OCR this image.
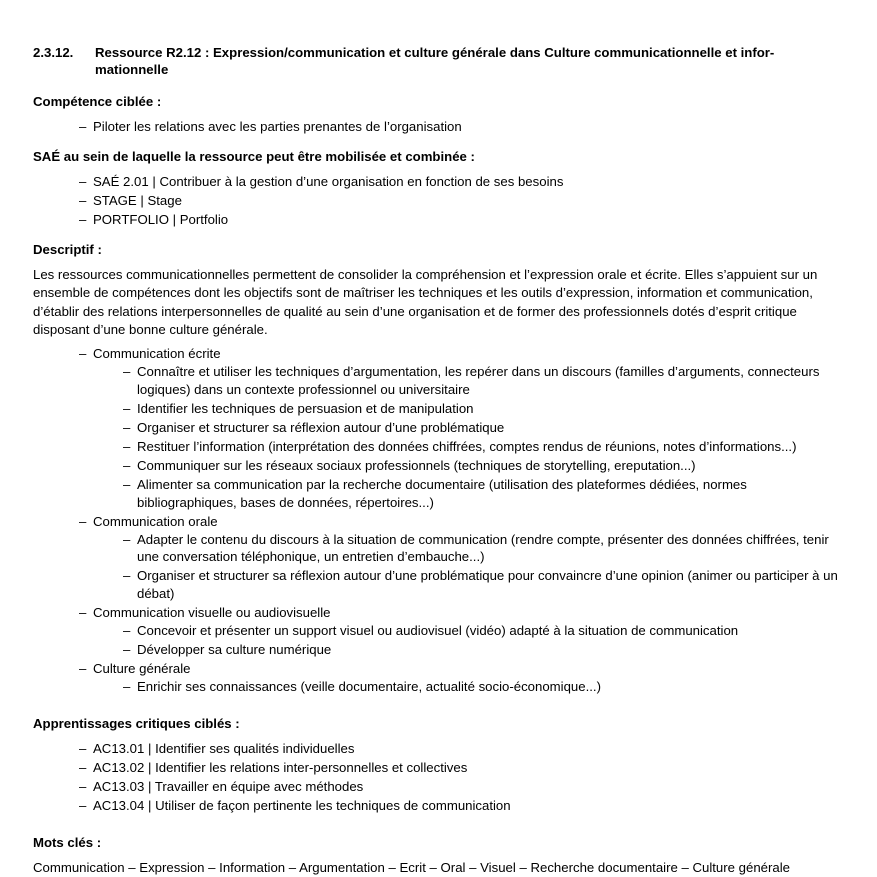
2.3.12.	Ressource R2.12 : Expression/communication et culture générale dans Culture communicationnelle et infor-mationnelle
Compétence ciblée :
– Piloter les relations avec les parties prenantes de l’organisation
SAÉ au sein de laquelle la ressource peut être mobilisée et combinée :
– SAÉ 2.01 | Contribuer à la gestion d’une organisation en fonction de ses besoins
– STAGE | Stage
– PORTFOLIO | Portfolio
Descriptif :

Les ressources communicationnelles permettent de consolider la compréhension et l’expression orale et écrite. Elles s’appuient sur un ensemble de compétences dont les objectifs sont de maîtriser les techniques et les outils d’expression, information et communication, d’établir des relations interpersonnelles de qualité au sein d’une organisation et de former des professionnels dotés d’esprit critique disposant d’une bonne culture générale.

– Communication écrite
– Connaître et utiliser les techniques d’argumentation, les repérer dans un discours (familles d’arguments, connecteurs logiques) dans un contexte professionnel ou universitaire
– Identifier les techniques de persuasion et de manipulation
– Organiser et structurer sa réflexion autour d’une problématique
– Restituer l’information (interprétation des données chiffrées, comptes rendus de réunions, notes d’informations...)
– Communiquer sur les réseaux sociaux professionnels (techniques de storytelling, ereputation...)
– Alimenter sa communication par la recherche documentaire (utilisation des plateformes dédiées, normes bibliographiques, bases de données, répertoires...)
– Communication orale
– Adapter le contenu du discours à la situation de communication (rendre compte, présenter des données chiffrées, tenir une conversation téléphonique, un entretien d’embauche...)
– Organiser et structurer sa réflexion autour d’une problématique pour convaincre d’une opinion (animer ou participer à un débat)
– Communication visuelle ou audiovisuelle
– Concevoir et présenter un support visuel ou audiovisuel (vidéo) adapté à la situation de communication
– Développer sa culture numérique
– Culture générale
– Enrichir ses connaissances (veille documentaire, actualité socio-économique...)
Apprentissages critiques ciblés :
– AC13.01 | Identifier ses qualités individuelles
– AC13.02 | Identifier les relations inter-personnelles et collectives
– AC13.03 | Travailler en équipe avec méthodes
– AC13.04 | Utiliser de façon pertinente les techniques de communication
Mots clés :

Communication – Expression – Information – Argumentation – Ecrit – Oral – Visuel – Recherche documentaire – Culture générale
